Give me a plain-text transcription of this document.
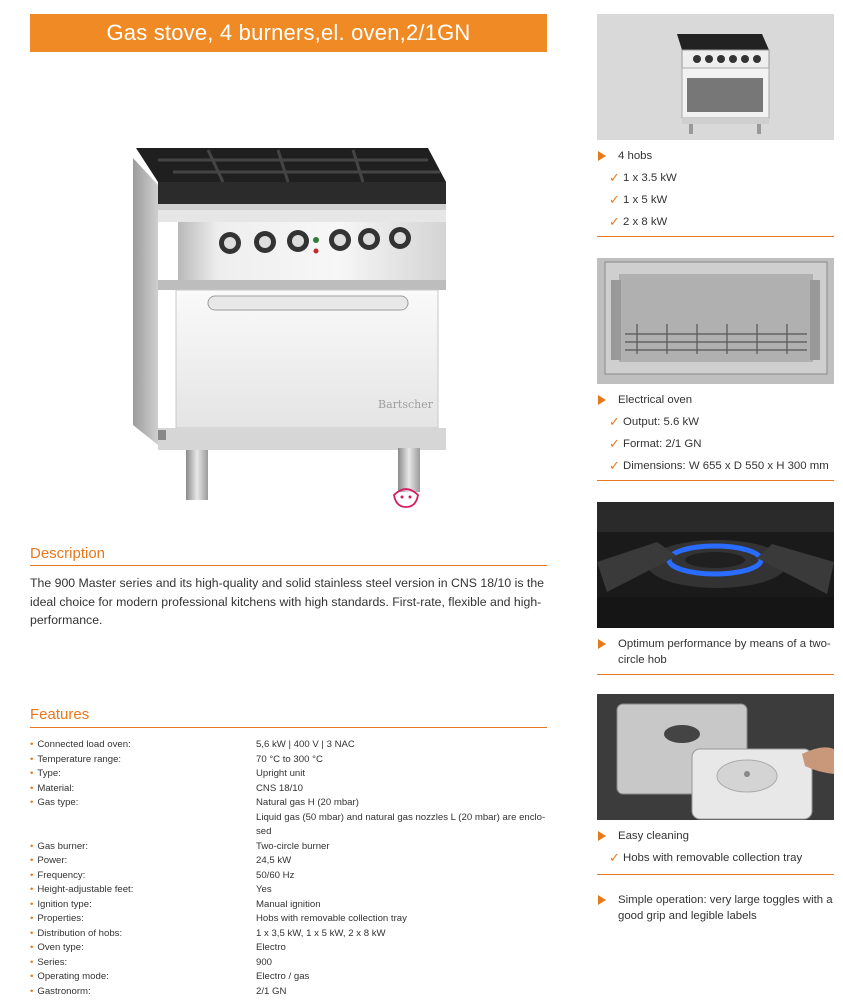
Gas stove, 4 burners,el. oven,2/1GN
Bartscher
Description
The 900 Master series and its high-quality and solid stainless steel version in CNS 18/10 is the ideal choice for modern professional kitchens with high standards. First-rate, flexible and high-performance.
Features
• Connected load oven:	5,6 kW | 400 V | 3 NAC
• Temperature range:	70 °C to 300 °C
• Type:	Upright unit
• Material:	CNS 18/10
• Gas type:	Natural gas H (20 mbar)
Liquid gas (50 mbar) and natural gas nozzles L (20 mbar) are enclo-
sed
• Gas burner:	Two-circle burner
• Power:	24,5 kW
• Frequency:	50/60 Hz
• Height-adjustable feet:	Yes
• Ignition type:	Manual ignition
• Properties:	Hobs with removable collection tray
• Distribution of hobs:	1 x 3,5 kW, 1 x 5 kW, 2 x 8 kW
• Oven type:	Electro
• Series:	900
• Operating mode:	Electro / gas
• Gastronorm:	2/1 GN
4 hobs
✓ 1 x 3.5 kW
✓ 1 x 5 kW
✓ 2 x 8 kW
Electrical oven
✓ Output: 5.6 kW
✓ Format: 2/1 GN
✓ Dimensions: W 655 x D 550 x H 300 mm
Optimum performance by means of a two-circle hob
Easy cleaning
✓ Hobs with removable collection tray
Simple operation: very large toggles with a good grip and legible labels
